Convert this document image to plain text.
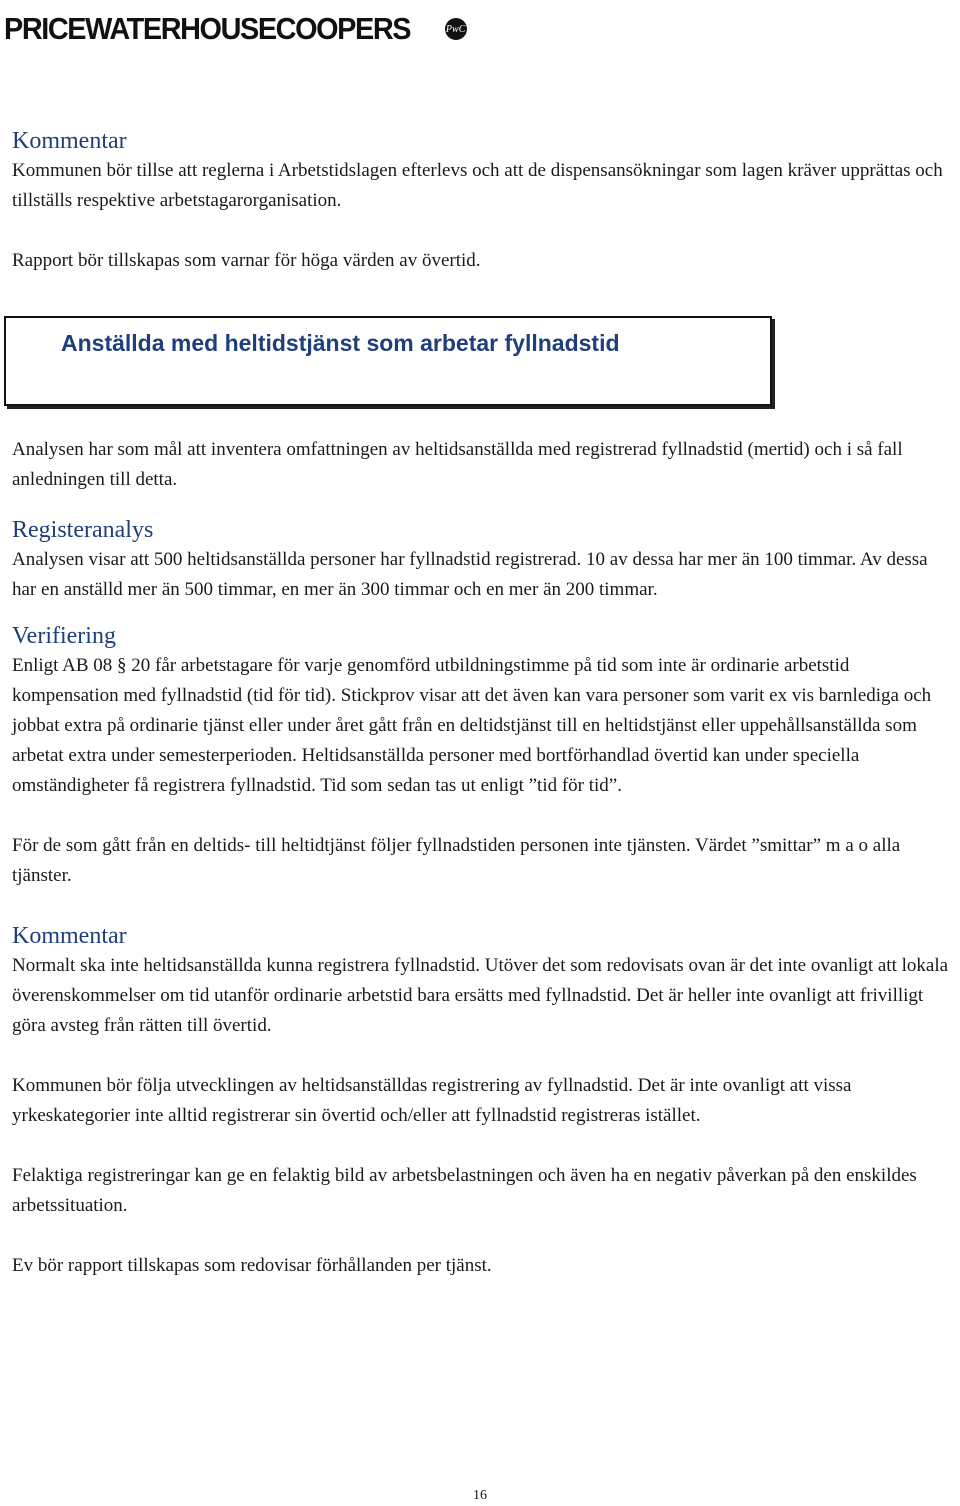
PRICEWATERHOUSECOOPERS	PwC
Kommentar

Kommunen bör tillse att reglerna i Arbetstidslagen efterlevs och att de dispensansökningar som lagen kräver upprättas och tillställs respektive arbetstagarorganisation.

Rapport bör tillskapas som varnar för höga värden av övertid.

Anställda med heltidstjänst som arbetar fyllnadstid

Analysen har som mål att inventera omfattningen av heltidsanställda med registrerad fyllnadstid (mertid) och i så fall anledningen till detta.

Registeranalys

Analysen visar att 500 heltidsanställda personer har fyllnadstid registrerad. 10 av dessa har mer än 100 timmar. Av dessa har en anställd mer än 500 timmar, en mer än 300 timmar och en mer än 200 timmar.

Verifiering

Enligt AB 08 § 20 får arbetstagare för varje genomförd utbildningstimme på tid som inte är ordinarie arbetstid kompensation med fyllnadstid (tid för tid). Stickprov visar att det även kan vara personer som varit ex vis barnlediga och jobbat extra på ordinarie tjänst eller under året gått från en deltidstjänst till en heltidstjänst eller uppehållsanställda som arbetat extra under semesterperioden. Heltidsanställda personer med bortförhandlad övertid kan under speciella omständigheter få registrera fyllnadstid. Tid som sedan tas ut enligt ”tid för tid”.

För de som gått från en deltids- till heltidtjänst följer fyllnadstiden personen inte tjänsten. Värdet ”smittar” m a o alla tjänster.

Kommentar

Normalt ska inte heltidsanställda kunna registrera fyllnadstid. Utöver det som redovisats ovan är det inte ovanligt att lokala överenskommelser om tid utanför ordinarie arbetstid bara ersätts med fyllnadstid. Det är heller inte ovanligt att frivilligt göra avsteg från rätten till övertid.

Kommunen bör följa utvecklingen av heltidsanställdas registrering av fyllnadstid. Det är inte ovanligt att vissa yrkeskategorier inte alltid registrerar sin övertid och/eller att fyllnadstid registreras istället.

Felaktiga registreringar kan ge en felaktig bild av arbetsbelastningen och även ha en negativ påverkan på den enskildes arbetssituation.

Ev bör rapport tillskapas som redovisar förhållanden per tjänst.

16
